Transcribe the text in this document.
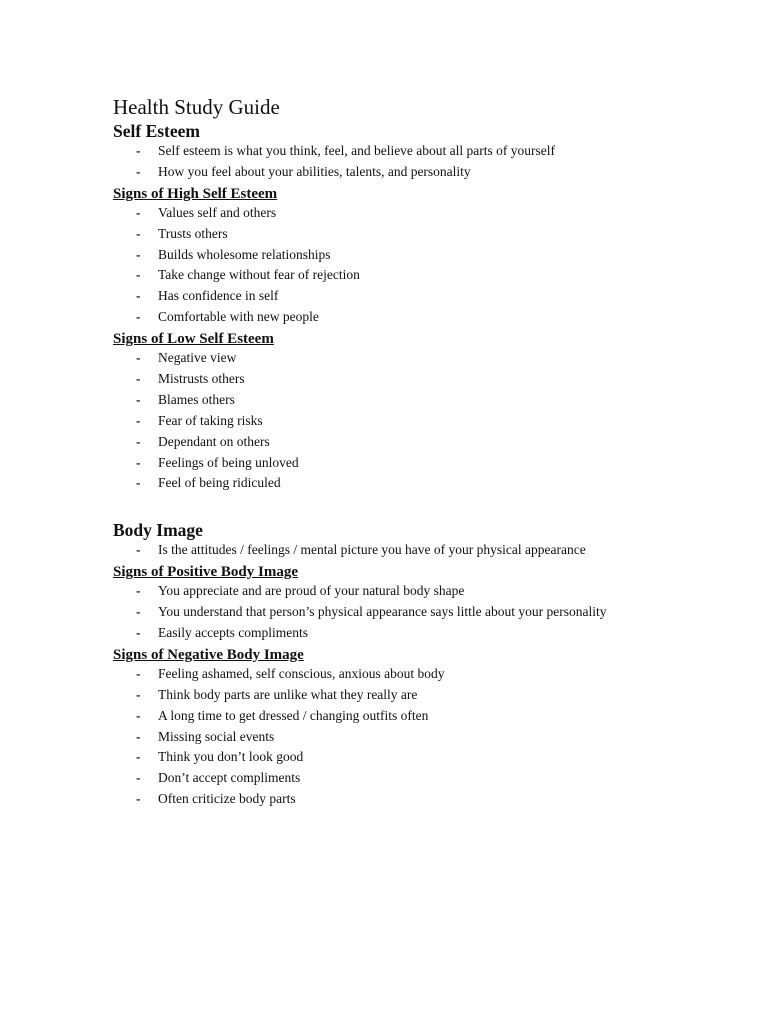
Health Study Guide
Self Esteem
- Self esteem is what you think, feel, and believe about all parts of yourself
- How you feel about your abilities, talents, and personality
Signs of High Self Esteem
- Values self and others
- Trusts others
- Builds wholesome relationships
- Take change without fear of rejection
- Has confidence in self
- Comfortable with new people
Signs of Low Self Esteem
- Negative view
- Mistrusts others
- Blames others
- Fear of taking risks
- Dependant on others
- Feelings of being unloved
- Feel of being ridiculed
Body Image
- Is the attitudes / feelings / mental picture you have of your physical appearance
Signs of Positive Body Image
- You appreciate and are proud of your natural body shape
- You understand that person’s physical appearance says little about your personality
- Easily accepts compliments
Signs of Negative Body Image
- Feeling ashamed, self conscious, anxious about body
- Think body parts are unlike what they really are
- A long time to get dressed / changing outfits often
- Missing social events
- Think you don’t look good
- Don’t accept compliments
- Often criticize body parts
